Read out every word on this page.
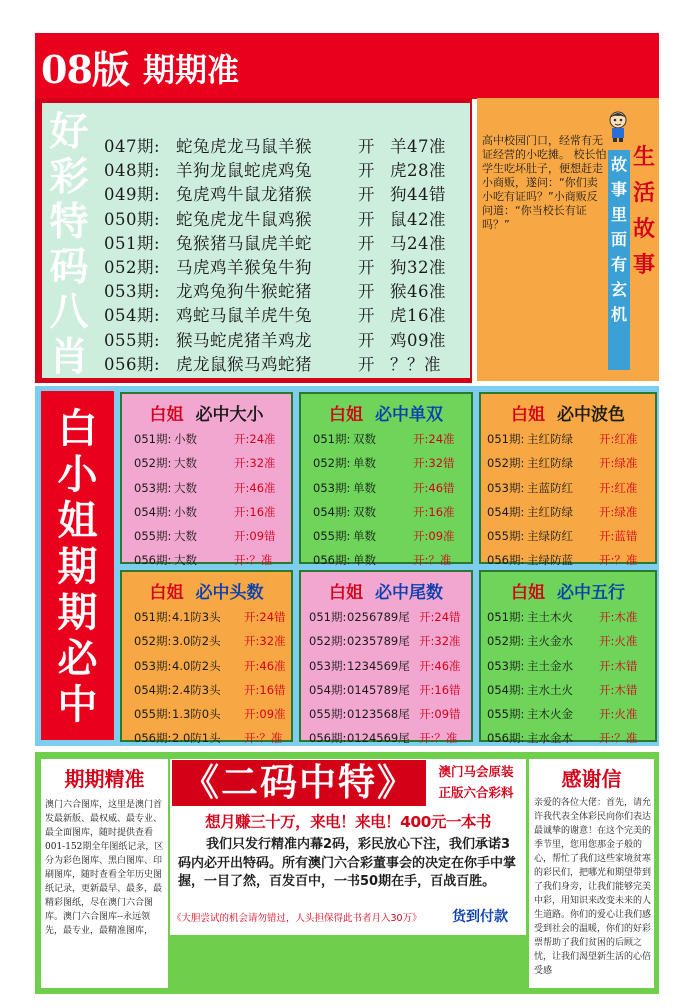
08版 期期准
好
彩
特
码
八
肖
047期: 蛇兔虎龙马鼠羊猴	开 羊47准
048期: 羊狗龙鼠蛇虎鸡兔	开 虎28准
049期: 兔虎鸡牛鼠龙猪猴	开 狗44错
050期: 蛇兔虎龙牛鼠鸡猴	开 鼠42准
051期: 兔猴猪马鼠虎羊蛇	开 马24准
052期: 马虎鸡羊猴兔牛狗	开 狗32准
053期: 龙鸡兔狗牛猴蛇猪	开 猴46准
054期: 鸡蛇马鼠羊虎牛兔	开 虎16准
055期: 猴马蛇虎猪羊鸡龙	开 鸡09准
056期: 虎龙鼠猴马鸡蛇猪	开 ？？准
高中校园门口，经常有无证经营的小吃摊。 校长怕学生吃坏肚子，便想赶走小商贩，遂问：“你们卖小吃有证吗？”小商贩反问道：“你当校长有证吗？”
故
事
里
面
有
玄
机
生
活
故
事
白
小
姐
期
期
必
中
白姐 必中大小
051期: 小数	开:24准
052期: 大数	开:32准
053期: 大数	开:46准
054期: 小数	开:16准
055期: 大数	开:09错
056期: 大数	开:？准
白姐 必中单双
051期: 双数	开:24准
052期: 单数	开:32错
053期: 单数	开:46错
054期: 双数	开:16准
055期: 单数	开:09准
056期: 单数	开:？准
白姐 必中波色
051期: 主红防绿 开:红准
052期: 主红防绿 开:绿准
053期: 主蓝防红 开:红准
054期: 主红防绿 开:绿准
055期: 主绿防红 开:蓝错
056期: 主绿防蓝 开:？准
白姐 必中头数
051期:4.1防3头 开:24错
052期:3.0防2头 开:32准
053期:4.0防2头 开:46准
054期:2.4防3头 开:16错
055期:1.3防0头 开:09准
056期:2.0防1头 开:？准
白姐 必中尾数
051期:0256789尾 开:24错
052期:0235789尾 开:32准
053期:1234569尾 开:46准
054期:0145789尾 开:16错
055期:0123568尾 开:09错
056期:0124569尾 开:？准
白姐 必中五行
051期: 主土木火 开:木准
052期: 主火金水 开:火准
053期: 主土金水 开:木错
054期: 主水土火 开:木错
055期: 主木火金 开:火准
056期: 主水金木 开:？准
期期精准
澳门六合图库，这里是澳门首发最新版、最权威、最专业、最全面图库，随时提供查看001-152期全年图纸记录，区分为彩色图库、黑白图库、印刷图库，随时查看全年历史图纸记录，更新最早、最多，最精彩图纸，尽在澳门六合图库。澳门六合图库--永远领先，最专业，最精准图库，
感谢信
亲爱的各位大佬：首先，请允许我代表全体彩民向你们表达最诚挚的谢意！在这个完美的季节里，您用您那金子般的心，帮忙了我们这些家境贫寒的彩民们，把哪光和期望带到了我们身旁，让我们能够完美中彩，用知识来改变未来的人生道路。你们的爱心让我们感受到社会的温暖，你们的好彩票帮助了我们贫困的后顾之忧，让我们渴望新生活的心倍受感
《二码中特》	澳门马会原装
正版六合彩料
想月赚三十万，来电！来电！400元一本书
我们只发行精准内幕2码，彩民放心下注，我们承诺3码内必开出特码。所有澳门六合彩董事会的决定在你手中掌握，一目了然，百发百中，一书50期在手，百战百胜。
《大胆尝试的机会请勿错过，人头担保得此书者月入30万》	货到付款
